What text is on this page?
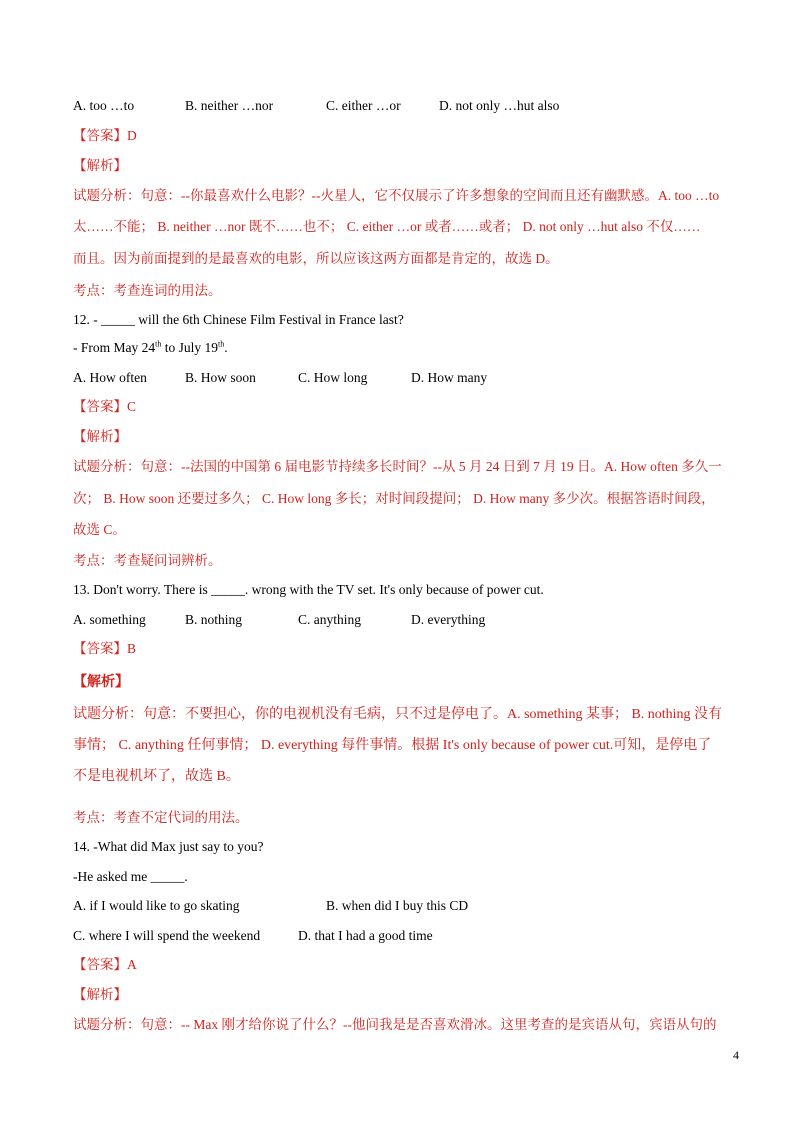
A. too …to	B. neither …nor	C. either …or	D. not only …hut also
【答案】D
【解析】
试题分析：句意：--你最喜欢什么电影？--火星人，它不仅展示了许多想象的空间而且还有幽默感。A. too …to
太……不能； B. neither …nor 既不……也不； C. either …or 或者……或者； D. not only …hut also 不仅……
而且。因为前面提到的是最喜欢的电影，所以应该这两方面都是肯定的，故选 D。
考点：考查连词的用法。
12. - _____ will the 6th Chinese Film Festival in France last?
- From May 24th to July 19th.
A. How often	B. How soon	C. How long	D. How many
【答案】C
【解析】
试题分析：句意：--法国的中国第 6 届电影节持续多长时间？--从 5 月 24 日到 7 月 19 日。A. How often 多久一
次； B. How soon 还要过多久； C. How long 多长；对时间段提问； D. How many 多少次。根据答语时间段，
故选 C。
考点：考查疑问词辨析。
13. Don't worry. There is _____. wrong with the TV set. It's only because of power cut.
A. something	B. nothing	C. anything	D. everything
【答案】B
【解析】
试题分析：句意：不要担心，你的电视机没有毛病，只不过是停电了。A. something 某事； B. nothing 没有
事情； C. anything 任何事情； D. everything 每件事情。根据 It's only because of power cut.可知，是停电了
不是电视机坏了，故选 B。
考点：考查不定代词的用法。
14. -What did Max just say to you?
-He asked me _____.
A. if I would like to go skating	B. when did I buy this CD
C. where I will spend the weekend	D. that I had a good time
【答案】A
【解析】
试题分析：句意：-- Max 刚才给你说了什么？--他问我是是否喜欢滑冰。这里考查的是宾语从句，宾语从句的
4
